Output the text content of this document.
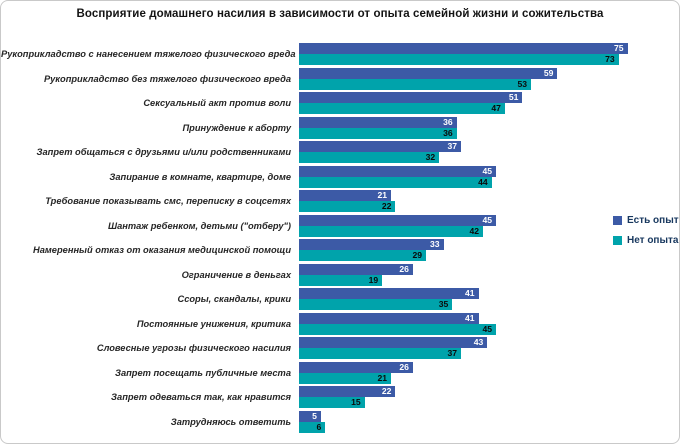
Восприятие домашнего насилия в зависимости от опыта семейной жизни и сожительства
Рукоприкладство с нанесением тяжелого физического вреда
75
73
Рукоприкладство без тяжелого физического вреда
59
53
Сексуальный акт против воли
51
47
Принуждение к аборту
36
36
Запрет общаться с друзьями и/или родственниками
37
32
Запирание в комнате, квартире, доме
45
44
Требование показывать смс, переписку в соцсетях
21
22
Шантаж ребенком, детьми ("отберу")
45
42
Намеренный отказ от оказания медицинской помощи
33
29
Ограничение в деньгах
26
19
Ссоры, скандалы, крики
41
35
Постоянные унижения, критика
41
45
Словесные угрозы физического насилия
43
37
Запрет посещать публичные места
26
21
Запрет одеваться так, как нравится
22
15
Затрудняюсь ответить
5
6
Есть опыт
Нет опыта
